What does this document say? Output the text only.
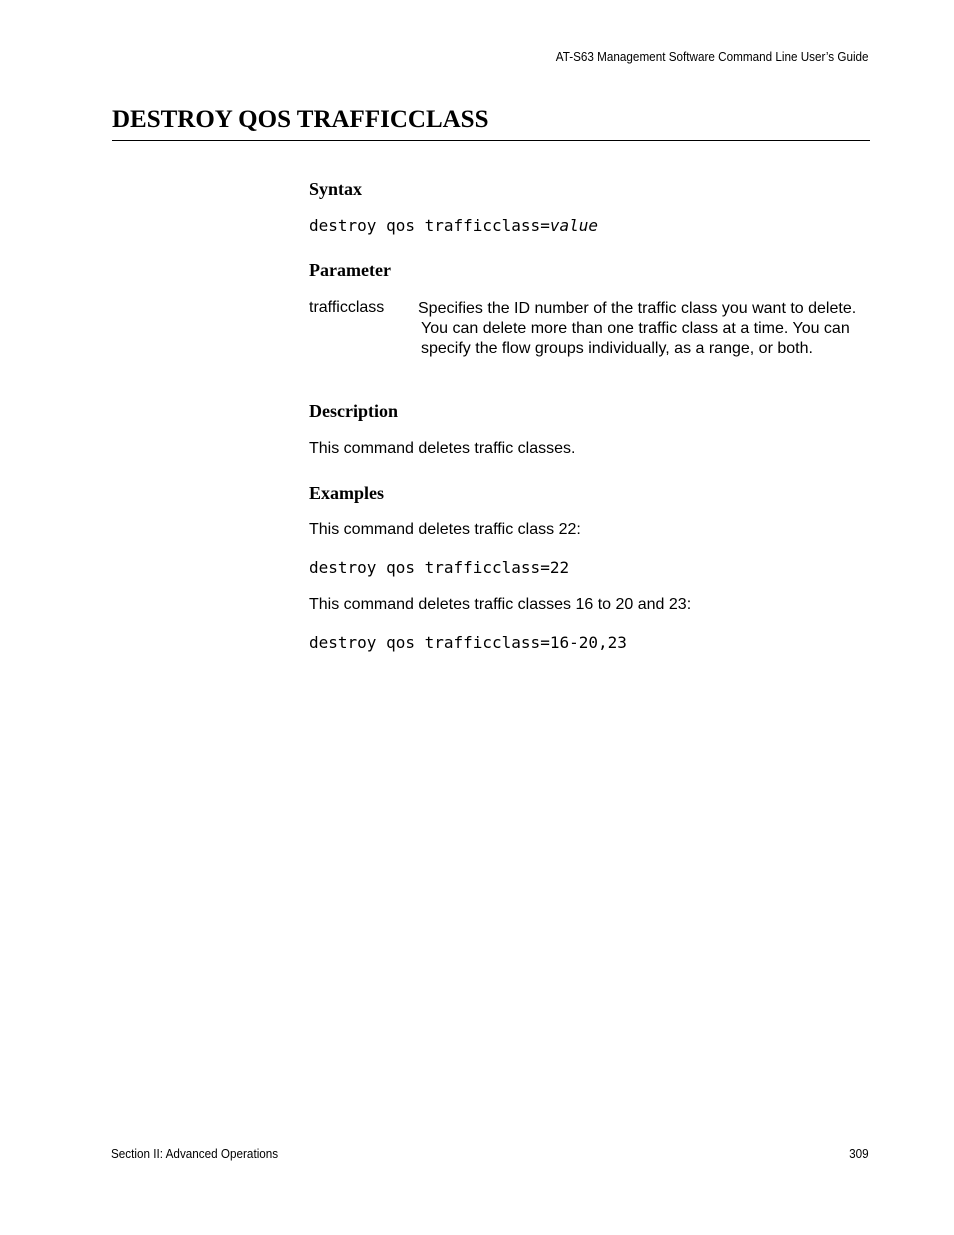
AT-S63 Management Software Command Line User’s Guide
DESTROY QOS TRAFFICCLASS
Syntax
destroy qos trafficclass=value
Parameter
trafficclass Specifies the ID number of the traffic class you want to delete. You can delete more than one traffic class at a time. You can specify the flow groups individually, as a range, or both.
Description
This command deletes traffic classes.
Examples
This command deletes traffic class 22:
destroy qos trafficclass=22
This command deletes traffic classes 16 to 20 and 23:
destroy qos trafficclass=16-20,23
Section II: Advanced Operations	309
